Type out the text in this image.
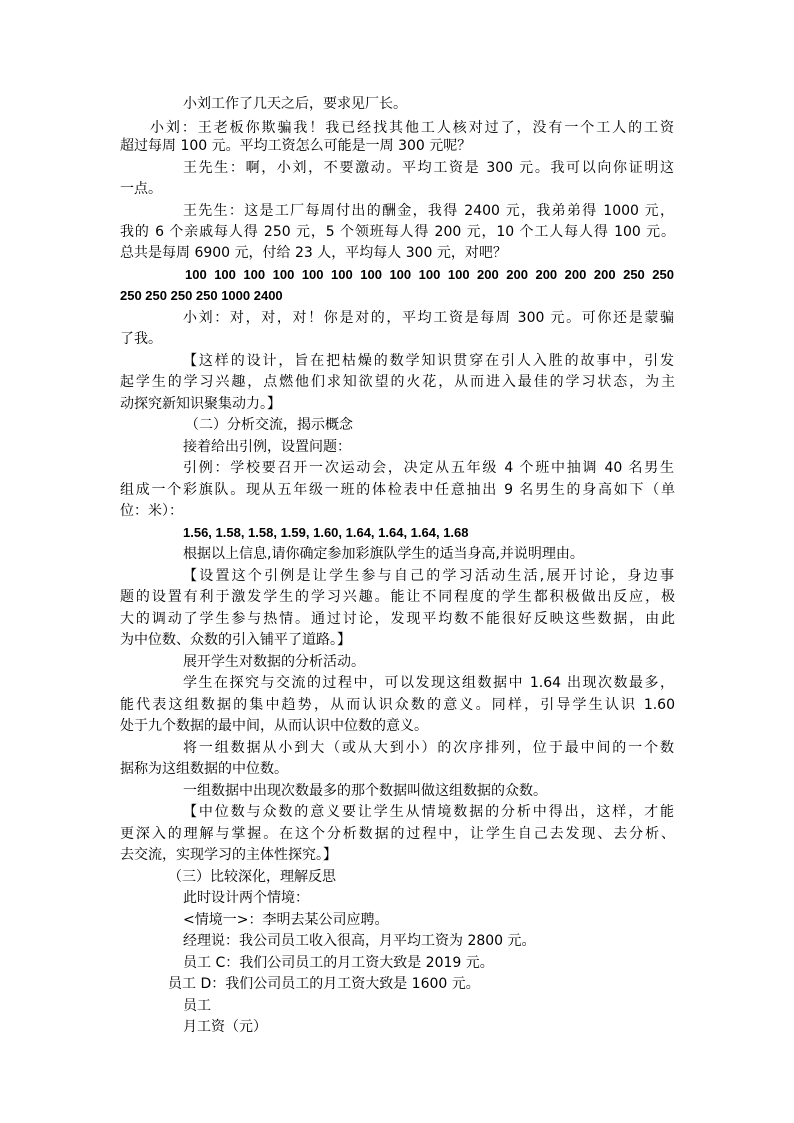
小刘工作了几天之后，要求见厂长。
小刘：王老板你欺骗我！我已经找其他工人核对过了，没有一个工人的工资
超过每周 100 元。平均工资怎么可能是一周 300 元呢？
王先生：啊，小刘，不要激动。平均工资是 300 元。我可以向你证明这
一点。
王先生：这是工厂每周付出的酬金，我得 2400 元，我弟弟得 1000 元，
我的 6 个亲戚每人得 250 元，5 个领班每人得 200 元，10 个工人每人得 100 元。
总共是每周 6900 元，付给 23 人，平均每人 300 元，对吧？
100 100 100 100 100 100 100 100 100 100 200 200 200 200 200 250 250
250 250 250 250 1000 2400
小刘：对，对，对！你是对的，平均工资是每周 300 元。可你还是蒙骗
了我。
【这样的设计，旨在把枯燥的数学知识贯穿在引人入胜的故事中，引发
起学生的学习兴趣，点燃他们求知欲望的火花，从而进入最佳的学习状态，为主
动探究新知识聚集动力。】
（二）分析交流，揭示概念
接着给出引例，设置问题：
引例：学校要召开一次运动会，决定从五年级 4 个班中抽调 40 名男生
组成一个彩旗队。现从五年级一班的体检表中任意抽出 9 名男生的身高如下（单
位：米）：
1.56, 1.58, 1.58, 1.59, 1.60, 1.64, 1.64, 1.64, 1.68
根据以上信息,请你确定参加彩旗队学生的适当身高,并说明理由。
【设置这个引例是让学生参与自己的学习活动生活,展开讨论，身边事
题的设置有利于激发学生的学习兴趣。能让不同程度的学生都积极做出反应，极
大的调动了学生参与热情。通过讨论，发现平均数不能很好反映这些数据，由此
为中位数、众数的引入铺平了道路。】
展开学生对数据的分析活动。
学生在探究与交流的过程中，可以发现这组数据中 1.64 出现次数最多，
能代表这组数据的集中趋势，从而认识众数的意义。同样，引导学生认识 1.60
处于九个数据的最中间，从而认识中位数的意义。
将一组数据从小到大（或从大到小）的次序排列，位于最中间的一个数
据称为这组数据的中位数。
一组数据中出现次数最多的那个数据叫做这组数据的众数。
【中位数与众数的意义要让学生从情境数据的分析中得出，这样，才能
更深入的理解与掌握。在这个分析数据的过程中，让学生自己去发现、去分析、
去交流，实现学习的主体性探究。】
（三）比较深化，理解反思
此时设计两个情境：
<情境一>：李明去某公司应聘。
经理说：我公司员工收入很高，月平均工资为 2800 元。
员工 C：我们公司员工的月工资大致是 2019 元。
员工 D：我们公司员工的月工资大致是 1600 元。
员工
月工资（元）
